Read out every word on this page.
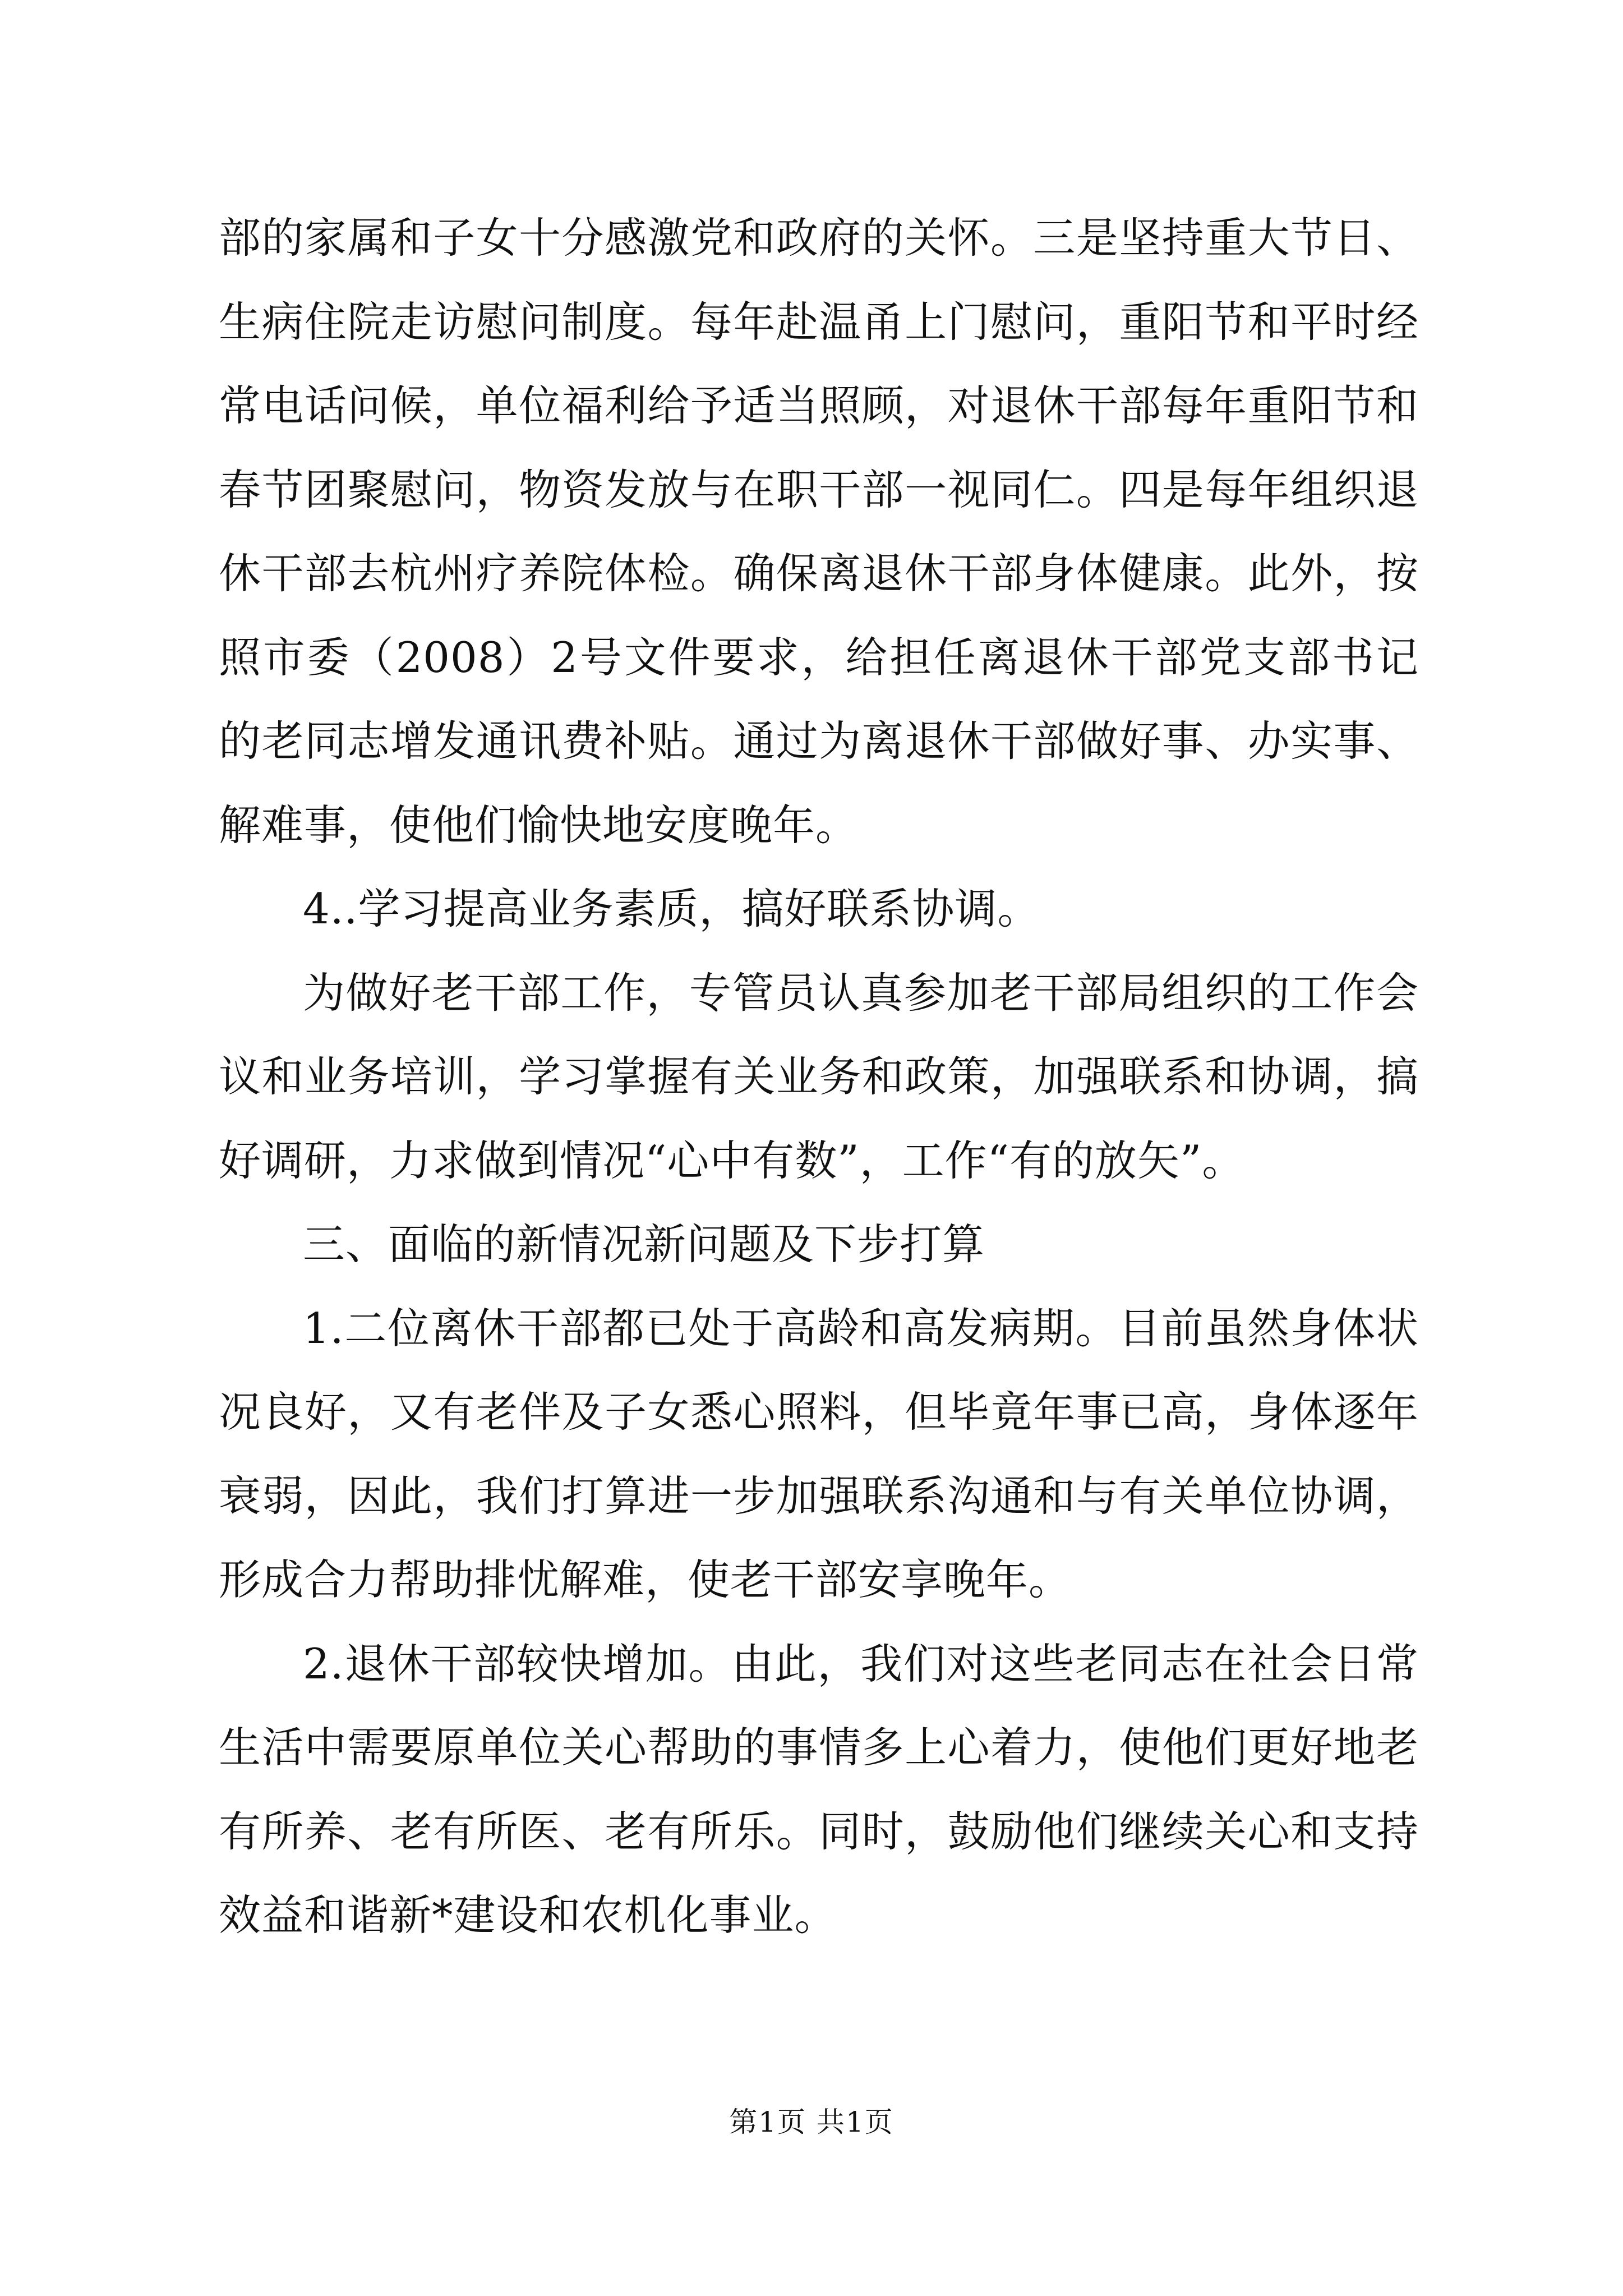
部的家属和子女十分感激党和政府的关怀。三是坚持重大节日、生病住院走访慰问制度。每年赴温甬上门慰问，重阳节和平时经常电话问候，单位福利给予适当照顾，对退休干部每年重阳节和春节团聚慰问，物资发放与在职干部一视同仁。四是每年组织退休干部去杭州疗养院体检。确保离退休干部身体健康。此外，按照市委（2008）2号文件要求，给担任离退休干部党支部书记的老同志增发通讯费补贴。通过为离退休干部做好事、办实事、解难事，使他们愉快地安度晚年。

4..学习提高业务素质，搞好联系协调。

为做好老干部工作，专管员认真参加老干部局组织的工作会议和业务培训，学习掌握有关业务和政策，加强联系和协调，搞好调研，力求做到情况“心中有数”，工作“有的放矢”。

三、面临的新情况新问题及下步打算

1.二位离休干部都已处于高龄和高发病期。目前虽然身体状况良好，又有老伴及子女悉心照料，但毕竟年事已高，身体逐年衰弱，因此，我们打算进一步加强联系沟通和与有关单位协调，形成合力帮助排忧解难，使老干部安享晚年。

2.退休干部较快增加。由此，我们对这些老同志在社会日常生活中需要原单位关心帮助的事情多上心着力，使他们更好地老有所养、老有所医、老有所乐。同时，鼓励他们继续关心和支持效益和谐新*建设和农机化事业。

第1页 共1页
